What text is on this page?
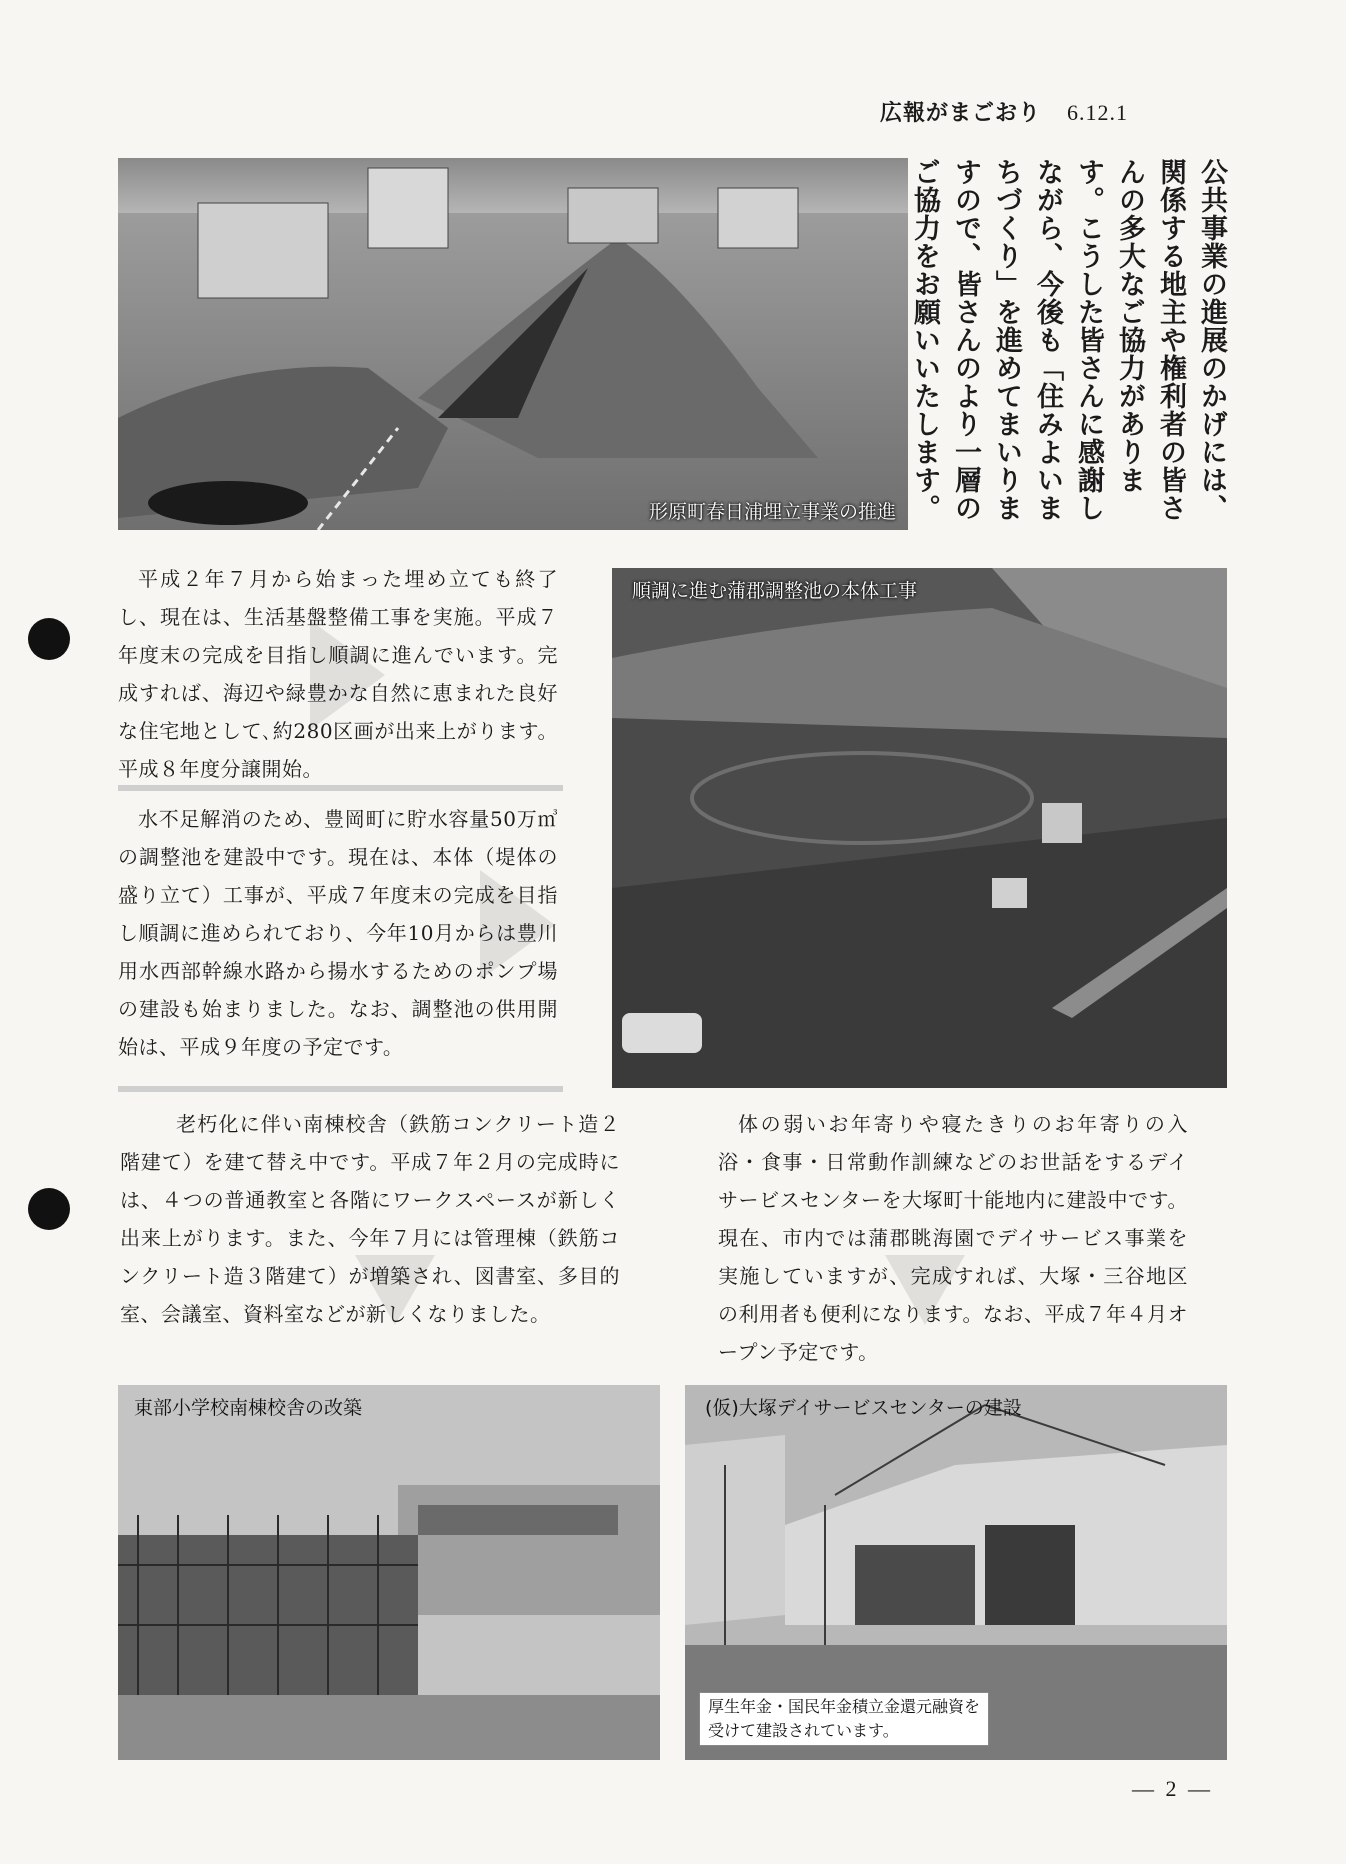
広報がまごおり 6.12.1
形原町春日浦埋立事業の推進	公共事業の進展のかげには、関係する地主や権利者の皆さんの多大なご協力があります。こうした皆さんに感謝しながら、今後も「住みよいまちづくり」を進めてまいりますので、皆さんのより一層のご協力をお願いいたします。
平成２年７月から始まった埋め立ても終了し、現在は、生活基盤整備工事を実施。平成７年度末の完成を目指し順調に進んでいます。完成すれば、海辺や緑豊かな自然に恵まれた良好な住宅地として､約280区画が出来上がります。平成８年度分譲開始。
水不足解消のため、豊岡町に貯水容量50万㎥の調整池を建設中です。現在は、本体（堤体の盛り立て）工事が、平成７年度末の完成を目指し順調に進められており、今年10月からは豊川用水西部幹線水路から揚水するためのポンプ場の建設も始まりました。なお、調整池の供用開始は、平成９年度の予定です。
順調に進む蒲郡調整池の本体工事
老朽化に伴い南棟校舎（鉄筋コンクリート造２階建て）を建て替え中です。平成７年２月の完成時には、４つの普通教室と各階にワークスペースが新しく出来上がります。また、今年７月には管理棟（鉄筋コンクリート造３階建て）が増築され、図書室、多目的室、会議室、資料室などが新しくなりました。
体の弱いお年寄りや寝たきりのお年寄りの入浴・食事・日常動作訓練などのお世話をするデイサービスセンターを大塚町十能地内に建設中です。現在、市内では蒲郡眺海園でデイサービス事業を実施していますが、完成すれば、大塚・三谷地区の利用者も便利になります。なお、平成７年４月オープン予定です。
東部小学校南棟校舎の改築	(仮)大塚デイサービスセンターの建設
厚生年金・国民年金積立金還元融資を
受けて建設されています。
― 2 ―
